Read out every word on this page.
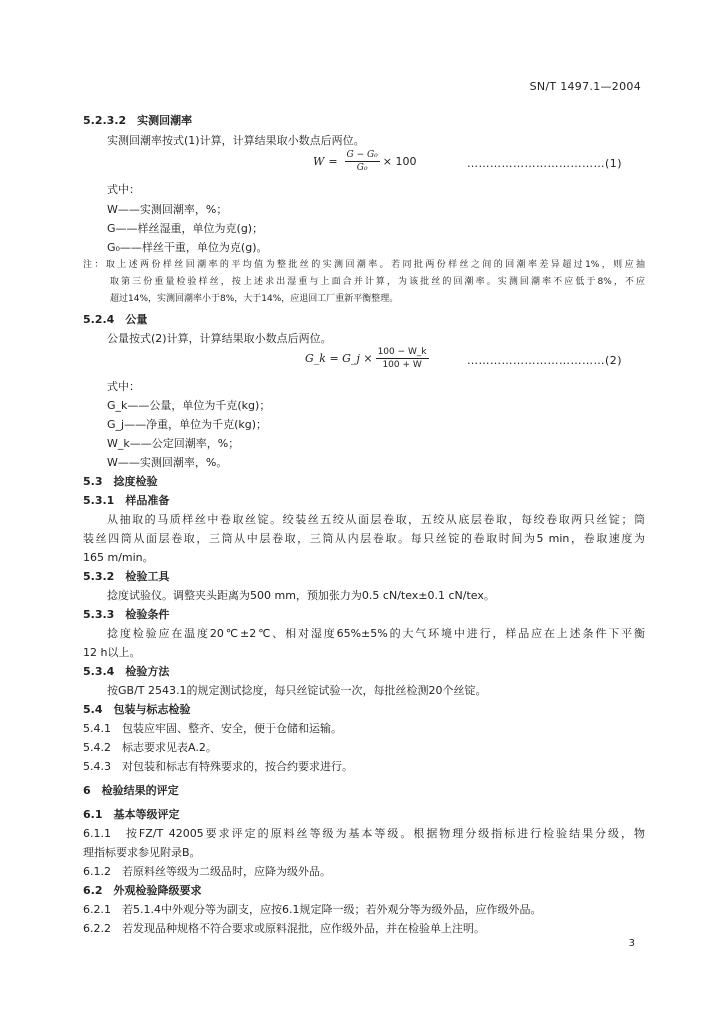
SN/T 1497.1—2004
5.2.3.2　实测回潮率
实测回潮率按式(1)计算，计算结果取小数点后两位。
$W = \frac{\text{G − G₀}}{\text{G₀}} \times 100$	………………………………(1)
式中：
W——实测回潮率，%；
G——样丝湿重，单位为克(g)；
G₀——样丝干重，单位为克(g)。
注：取上述两份样丝回潮率的平均值为整批丝的实测回潮率。若同批两份样丝之间的回潮率差异超过1%，则应抽
取第三份重量检验样丝，按上述求出湿重与上面合并计算，为该批丝的回潮率。实测回潮率不应低于8%，不应
超过14%，实测回潮率小于8%，大于14%，应退回工厂重新平衡整理。
5.2.4　公量
公量按式(2)计算，计算结果取小数点后两位。
G_k = G_j × $\frac{100 - W\_k}{100 + W}$	………………………………(2)
式中：
G_k——公量，单位为千克(kg)；
G_j——净重，单位为千克(kg)；
W_k——公定回潮率，%；
W——实测回潮率，%。
5.3　捻度检验
5.3.1　样品准备
从抽取的马质样丝中卷取丝锭。绞装丝五绞从面层卷取，五绞从底层卷取，每绞卷取两只丝锭；筒
装丝四筒从面层卷取，三筒从中层卷取，三筒从内层卷取。每只丝锭的卷取时间为5 min，卷取速度为
165 m/min。
5.3.2　检验工具
捻度试验仪。调整夹头距离为500 mm，预加张力为0.5 cN/tex±0.1 cN/tex。
5.3.3　检验条件
捻度检验应在温度20℃±2℃、相对湿度65%±5%的大气环境中进行，样品应在上述条件下平衡
12 h以上。
5.3.4　检验方法
按GB/T 2543.1的规定测试捻度，每只丝锭试验一次，每批丝检测20个丝锭。
5.4　包装与标志检验
5.4.1　包装应牢固、整齐、安全，便于仓储和运输。
5.4.2　标志要求见表A.2。
5.4.3　对包装和标志有特殊要求的，按合约要求进行。
6　检验结果的评定
6.1　基本等级评定
6.1.1　按FZ/T 42005要求评定的原料丝等级为基本等级。根据物理分级指标进行检验结果分级，物
理指标要求参见附录B。
6.1.2　若原料丝等级为二级品时，应降为级外品。
6.2　外观检验降级要求
6.2.1　若5.1.4中外观分等为副支，应按6.1规定降一级；若外观分等为级外品，应作级外品。
6.2.2　若发现品种规格不符合要求或原料混批，应作级外品，并在检验单上注明。
3
